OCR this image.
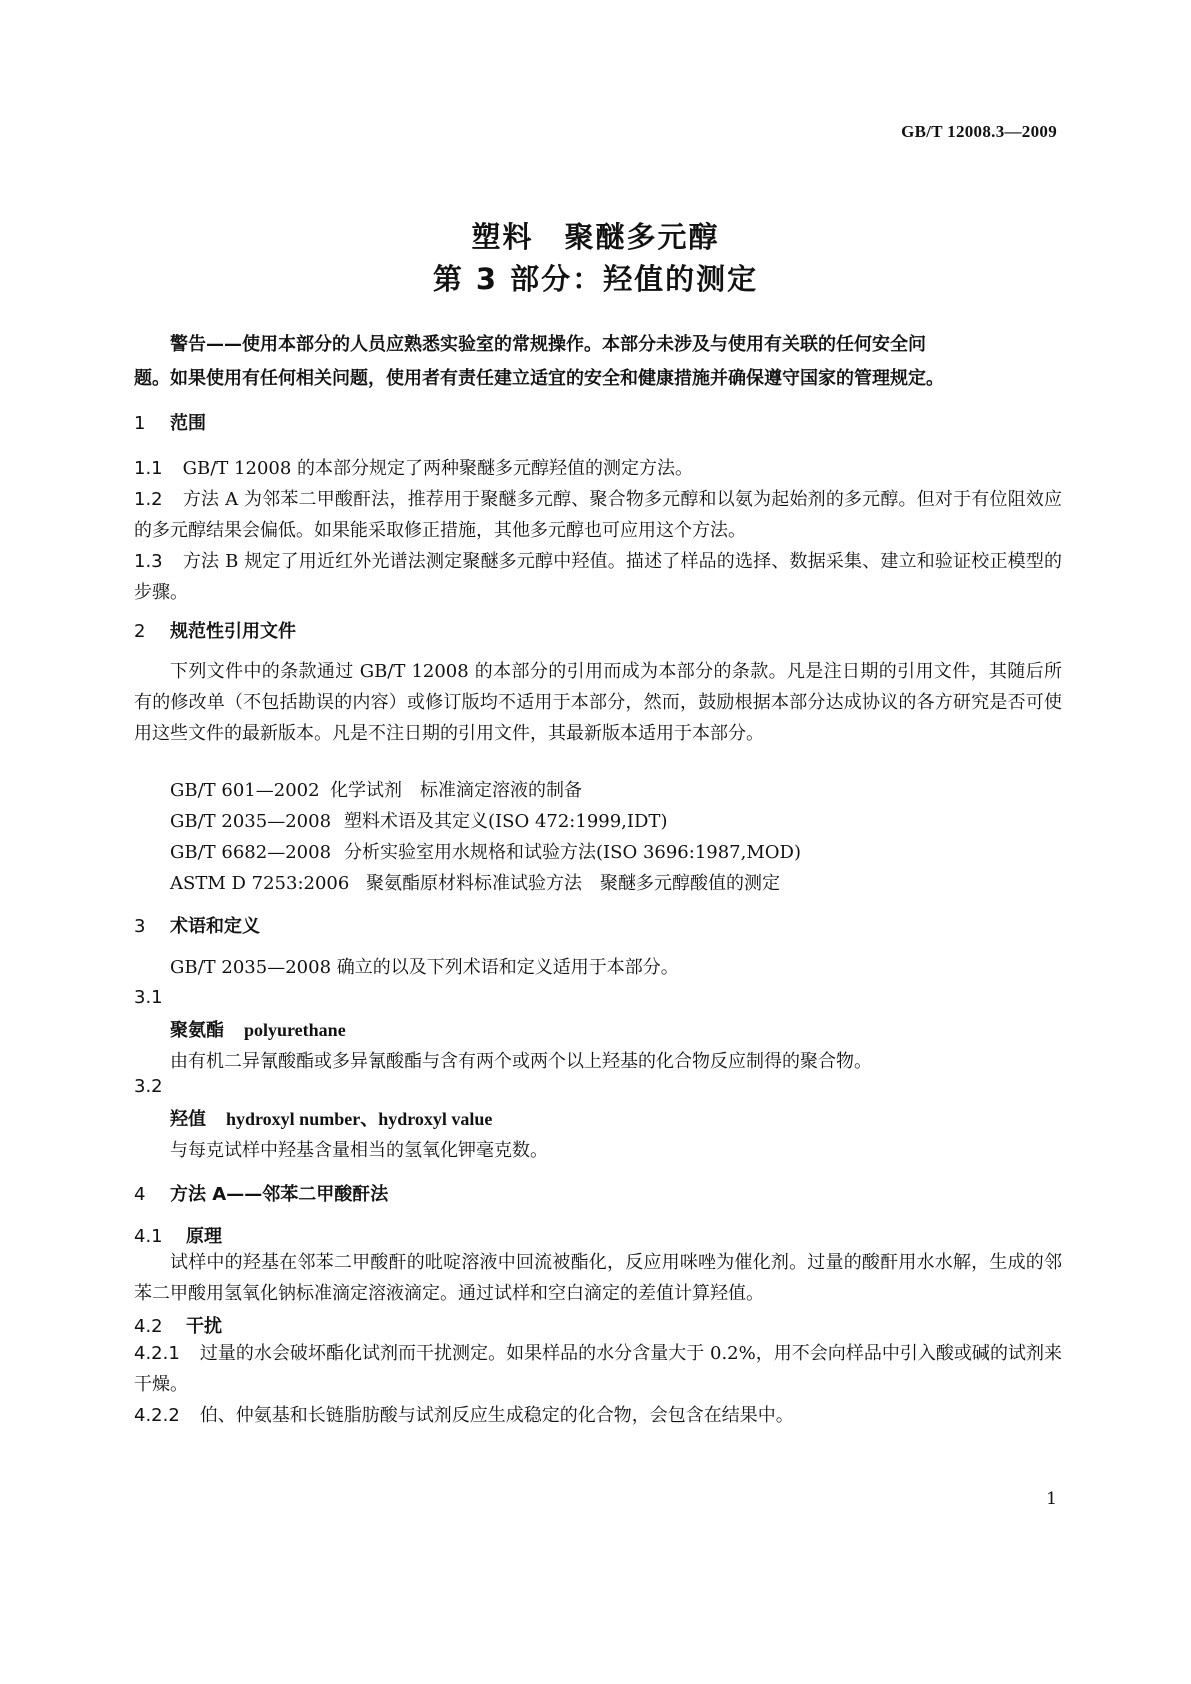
GB/T 12008.3—2009
塑料　聚醚多元醇
第 3 部分：羟值的测定

警告——使用本部分的人员应熟悉实验室的常规操作。本部分未涉及与使用有关联的任何安全问

题。如果使用有任何相关问题，使用者有责任建立适宜的安全和健康措施并确保遵守国家的管理规定。

1 范围

1.1 GB/T 12008 的本部分规定了两种聚醚多元醇羟值的测定方法。

1.2 方法 A 为邻苯二甲酸酐法，推荐用于聚醚多元醇、聚合物多元醇和以氨为起始剂的多元醇。但对于有位阻效应的多元醇结果会偏低。如果能采取修正措施，其他多元醇也可应用这个方法。

1.3 方法 B 规定了用近红外光谱法测定聚醚多元醇中羟值。描述了样品的选择、数据采集、建立和验证校正模型的步骤。

2 规范性引用文件

下列文件中的条款通过 GB/T 12008 的本部分的引用而成为本部分的条款。凡是注日期的引用文件，其随后所有的修改单（不包括勘误的内容）或修订版均不适用于本部分，然而，鼓励根据本部分达成协议的各方研究是否可使用这些文件的最新版本。凡是不注日期的引用文件，其最新版本适用于本部分。

GB/T 601—2002 化学试剂　标准滴定溶液的制备
GB/T 2035—2008 塑料术语及其定义(ISO 472:1999,IDT)
GB/T 6682—2008 分析实验室用水规格和试验方法(ISO 3696:1987,MOD)
ASTM D 7253:2006 聚氨酯原材料标准试验方法　聚醚多元醇酸值的测定
3 术语和定义

GB/T 2035—2008 确立的以及下列术语和定义适用于本部分。

3.1
聚氨酯 polyurethane
由有机二异氰酸酯或多异氰酸酯与含有两个或两个以上羟基的化合物反应制得的聚合物。
3.2
羟值 hydroxyl number、hydroxyl value
与每克试样中羟基含量相当的氢氧化钾毫克数。
4 方法 A——邻苯二甲酸酐法
4.1 原理

试样中的羟基在邻苯二甲酸酐的吡啶溶液中回流被酯化，反应用咪唑为催化剂。过量的酸酐用水水解，生成的邻苯二甲酸用氢氧化钠标准滴定溶液滴定。通过试样和空白滴定的差值计算羟值。

4.2 干扰

4.2.1 过量的水会破坏酯化试剂而干扰测定。如果样品的水分含量大于 0.2%，用不会向样品中引入酸或碱的试剂来干燥。

4.2.2 伯、仲氨基和长链脂肪酸与试剂反应生成稳定的化合物，会包含在结果中。

1
